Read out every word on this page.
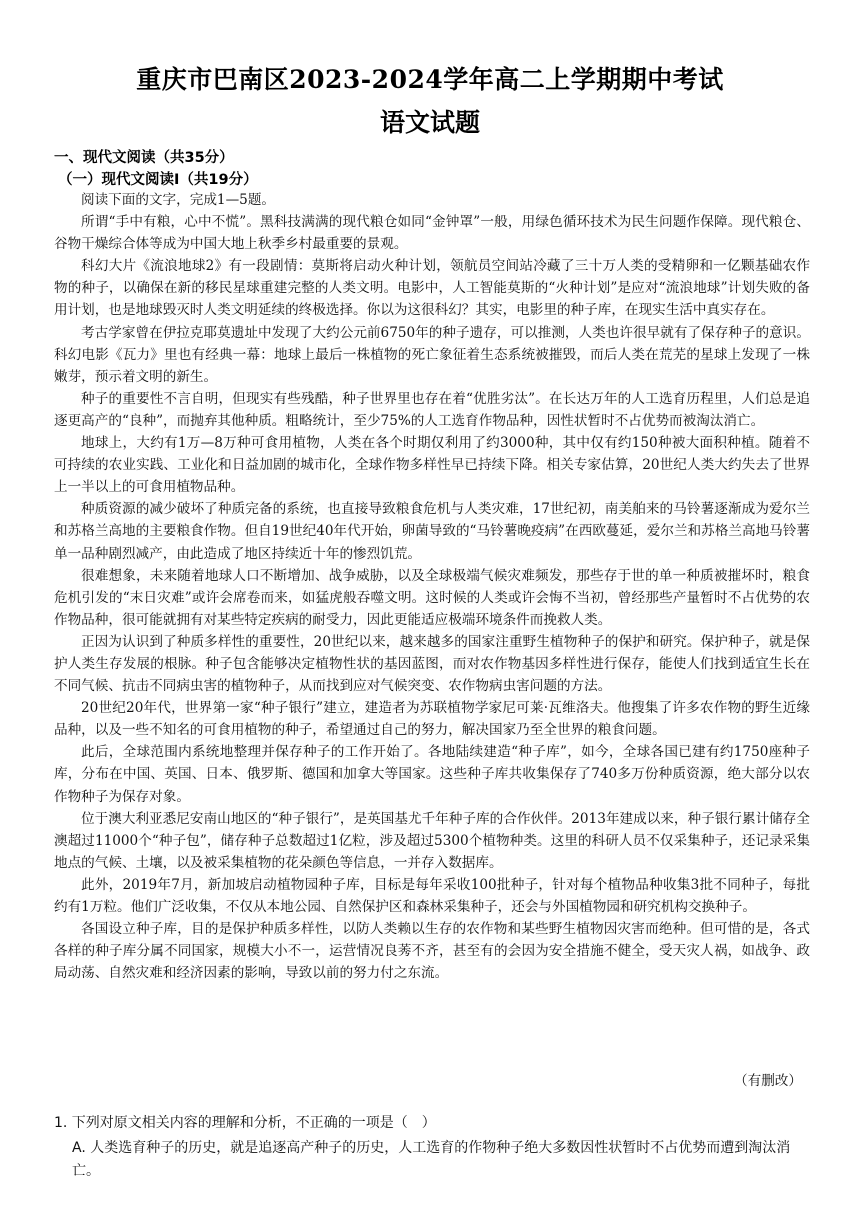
重庆市巴南区2023-2024学年高二上学期期中考试
语文试题
一、现代文阅读（共35分）
（一）现代文阅读I（共19分）

阅读下面的文字，完成1—5题。

所谓“手中有粮，心中不慌”。黑科技满满的现代粮仓如同“金钟罩”一般，用绿色循环技术为民生问题作保障。现代粮仓、谷物干燥综合体等成为中国大地上秋季乡村最重要的景观。

科幻大片《流浪地球2》有一段剧情：莫斯将启动火种计划，领航员空间站冷藏了三十万人类的受精卵和一亿颗基础农作物的种子，以确保在新的移民星球重建完整的人类文明。电影中，人工智能莫斯的“火种计划”是应对“流浪地球”计划失败的备用计划，也是地球毁灭时人类文明延续的终极选择。你以为这很科幻？其实，电影里的种子库，在现实生活中真实存在。

考古学家曾在伊拉克耶莫遗址中发现了大约公元前6750年的种子遗存，可以推测，人类也许很早就有了保存种子的意识。科幻电影《瓦力》里也有经典一幕：地球上最后一株植物的死亡象征着生态系统被摧毁，而后人类在荒芜的星球上发现了一株嫩芽，预示着文明的新生。

种子的重要性不言自明，但现实有些残酷，种子世界里也存在着“优胜劣汰”。在长达万年的人工选育历程里，人们总是追逐更高产的“良种”，而抛弃其他种质。粗略统计，至少75%的人工选育作物品种，因性状暂时不占优势而被淘汰消亡。

地球上，大约有1万—8万种可食用植物，人类在各个时期仅利用了约3000种，其中仅有约150种被大面积种植。随着不可持续的农业实践、工业化和日益加剧的城市化，全球作物多样性早已持续下降。相关专家估算，20世纪人类大约失去了世界上一半以上的可食用植物品种。

种质资源的减少破坏了种质完备的系统，也直接导致粮食危机与人类灾难，17世纪初，南美舶来的马铃薯逐渐成为爱尔兰和苏格兰高地的主要粮食作物。但自19世纪40年代开始，卵菌导致的“马铃薯晚疫病”在西欧蔓延，爱尔兰和苏格兰高地马铃薯单一品种剧烈减产，由此造成了地区持续近十年的惨烈饥荒。

很难想象，未来随着地球人口不断增加、战争威胁，以及全球极端气候灾难频发，那些存于世的单一种质被摧坏时，粮食危机引发的“末日灾难”或许会席卷而来，如猛虎般吞噬文明。这时候的人类或许会悔不当初，曾经那些产量暂时不占优势的农作物品种，很可能就拥有对某些特定疾病的耐受力，因此更能适应极端环境条件而挽救人类。

正因为认识到了种质多样性的重要性，20世纪以来，越来越多的国家注重野生植物种子的保护和研究。保护种子，就是保护人类生存发展的根脉。种子包含能够决定植物性状的基因蓝图，而对农作物基因多样性进行保存，能使人们找到适宜生长在不同气候、抗击不同病虫害的植物种子，从而找到应对气候突变、农作物病虫害问题的方法。

20世纪20年代，世界第一家“种子银行”建立，建造者为苏联植物学家尼可莱·瓦维洛夫。他搜集了许多农作物的野生近缘品种，以及一些不知名的可食用植物的种子，希望通过自己的努力，解决国家乃至全世界的粮食问题。

此后，全球范围内系统地整理并保存种子的工作开始了。各地陆续建造“种子库”，如今，全球各国已建有约1750座种子库，分布在中国、英国、日本、俄罗斯、德国和加拿大等国家。这些种子库共收集保存了740多万份种质资源，绝大部分以农作物种子为保存对象。

位于澳大利亚悉尼安南山地区的“种子银行”，是英国基尤千年种子库的合作伙伴。2013年建成以来，种子银行累计储存全澳超过11000个“种子包”，储存种子总数超过1亿粒，涉及超过5300个植物种类。这里的科研人员不仅采集种子，还记录采集地点的气候、土壤，以及被采集植物的花朵颜色等信息，一并存入数据库。

此外，2019年7月，新加坡启动植物园种子库，目标是每年采收100批种子，针对每个植物品种收集3批不同种子，每批约有1万粒。他们广泛收集，不仅从本地公园、自然保护区和森林采集种子，还会与外国植物园和研究机构交换种子。

各国设立种子库，目的是保护种质多样性，以防人类赖以生存的农作物和某些野生植物因灾害而绝种。但可惜的是，各式各样的种子库分属不同国家，规模大小不一，运营情况良莠不齐，甚至有的会因为安全措施不健全，受天灾人祸，如战争、政局动荡、自然灾难和经济因素的影响，导致以前的努力付之东流。

（有删改）
1. 下列对原文相关内容的理解和分析，不正确的一项是（　）
A. 人类选育种子的历史，就是追逐高产种子的历史，人工选育的作物种子绝大多数因性状暂时不占优势而遭到淘汰消亡。
